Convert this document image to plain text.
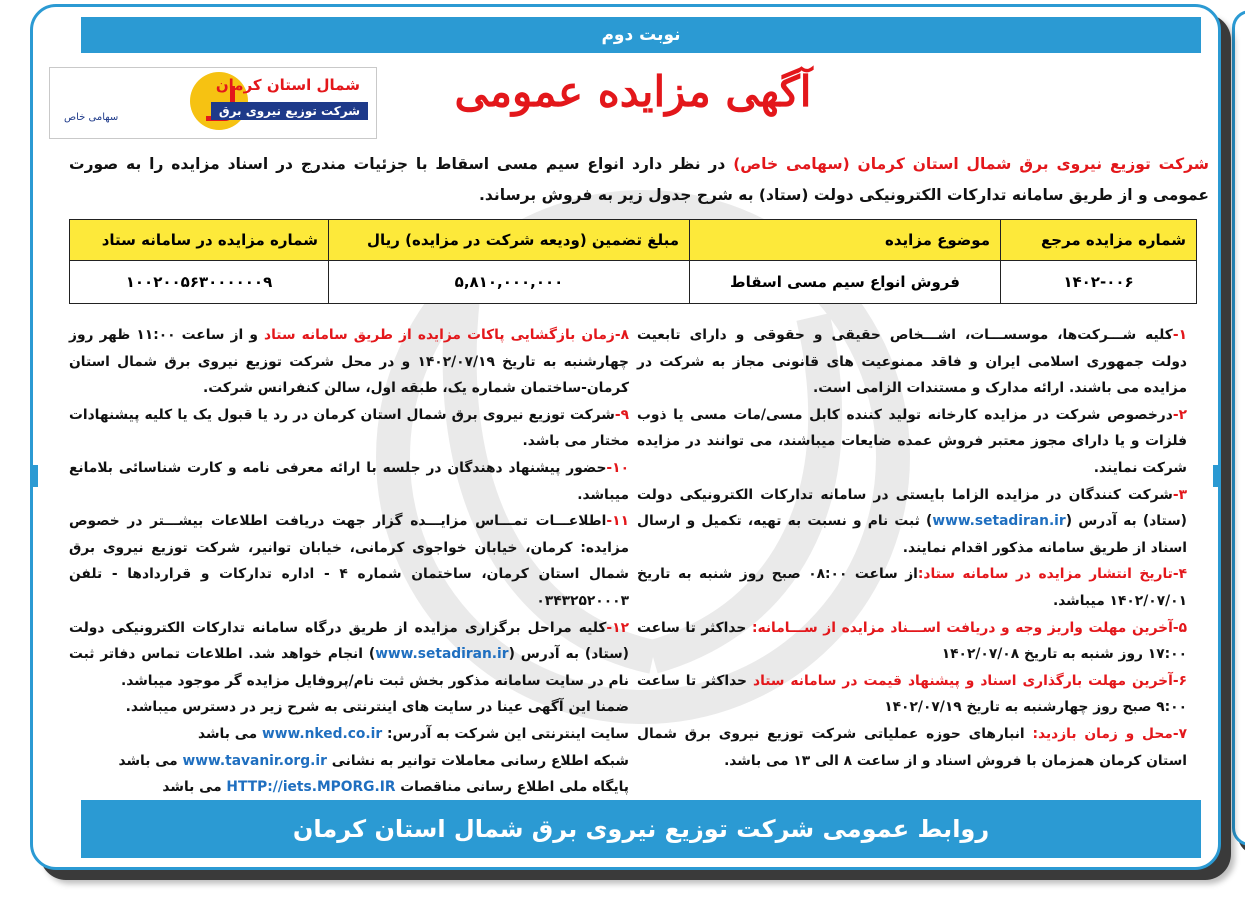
نوبت دوم
آگهی مزایده عمومی
شمال استان کرمان
شرکت توزیع نیروی برق
سهامی خاص
شرکت توزیع نیروی برق شمال استان کرمان (سهامی خاص) در نظر دارد انواع سیم مسی اسقاط با جزئیات مندرج در اسناد مزایده را به صورت عمومی و از طریق سامانه تدارکات الکترونیکی دولت (ستاد) به شرح جدول زیر به فروش برساند.
شماره مزایده مرجع	موضوع مزایده	مبلغ تضمین (ودیعه شرکت در مزایده) ریال	شماره مزایده در سامانه ستاد
۱۴۰۲-۰۰۶	فروش انواع سیم مسی اسقاط	۵,۸۱۰,۰۰۰,۰۰۰	۱۰۰۲۰۰۵۶۳۰۰۰۰۰۰۹

۱-کلیه شـــرکت‌ها، موسســـات، اشـــخاص حقیقی و حقوقی و دارای تابعیت دولت جمهوری اسلامی ایران و فاقد ممنوعیت های قانونی مجاز به شرکت در مزایده می باشند. ارائه مدارک و مستندات الزامی است.

۲-درخصوص شرکت در مزایده کارخانه تولید کننده کابل مسی/مات مسی یا ذوب فلزات و یا دارای مجوز معتبر فروش عمده ضایعات میباشند، می توانند در مزایده شرکت نمایند.

۳-شرکت کنندگان در مزایده الزاما بایستی در سامانه تدارکات الکترونیکی دولت (ستاد) به آدرس (www.setadiran.ir) ثبت نام و نسبت به تهیه، تکمیل و ارسال اسناد از طریق سامانه مذکور اقدام نمایند.

۴-تاریخ انتشار مزایده در سامانه ستاد:از ساعت ۰۸:۰۰ صبح روز شنبه به تاریخ ۱۴۰۲/۰۷/۰۱ میباشد.

۵-آخرین مهلت واریز وجه و دریافت اســـناد مزایده از ســـامانه: حداکثر تا ساعت ۱۷:۰۰ روز شنبه به تاریخ ۱۴۰۲/۰۷/۰۸

۶-آخرین مهلت بارگذاری اسناد و پیشنهاد قیمت در سامانه ستاد حداکثر تا ساعت ۹:۰۰ صبح روز چهارشنبه به تاریخ ۱۴۰۲/۰۷/۱۹

۷-محل و زمان بازدید: انبارهای حوزه عملیاتی شرکت توزیع نیروی برق شمال استان کرمان همزمان با فروش اسناد و از ساعت ۸ الی ۱۳ می باشد.

۸-زمان بازگشایی پاکات مزایده از طریق سامانه ستاد و از ساعت ۱۱:۰۰ ظهر روز چهارشنبه به تاریخ ۱۴۰۲/۰۷/۱۹ و در محل شرکت توزیع نیروی برق شمال استان کرمان-ساختمان شماره یک، طبقه اول، سالن کنفرانس شرکت.

۹-شرکت توزیع نیروی برق شمال استان کرمان در رد یا قبول یک یا کلیه پیشنهادات مختار می باشد.

۱۰-حضور پیشنهاد دهندگان در جلسه با ارائه معرفی نامه و کارت شناسائی بلامانع میباشد.

۱۱-اطلاعـــات تمـــاس مزایـــده گزار جهت دریافت اطلاعات بیشـــتر در خصوص مزایده: کرمان، خیابان خواجوی کرمانی، خیابان توانیر، شرکت توزیع نیروی برق شمال استان کرمان، ساختمان شماره ۴ - اداره تدارکات و قراردادها - تلفن ۰۳۴۳۲۵۲۰۰۰۳

۱۲-کلیه مراحل برگزاری مزایده از طریق درگاه سامانه تدارکات الکترونیکی دولت (ستاد) به آدرس (www.setadiran.ir) انجام خواهد شد. اطلاعات تماس دفاتر ثبت نام در سایت سامانه مذکور بخش ثبت نام/پروفایل مزایده گر موجود میباشد.

ضمنا این آگهی عینا در سایت های اینترنتی به شرح زیر در دسترس میباشد.

سایت اینترنتی این شرکت به آدرس: www.nked.co.ir می باشد

شبکه اطلاع رسانی معاملات توانیر به نشانی www.tavanir.org.ir می باشد

پایگاه ملی اطلاع رسانی مناقصات HTTP://iets.MPORG.IR می باشد

روابط عمومی شرکت توزیع نیروی برق شمال استان کرمان
